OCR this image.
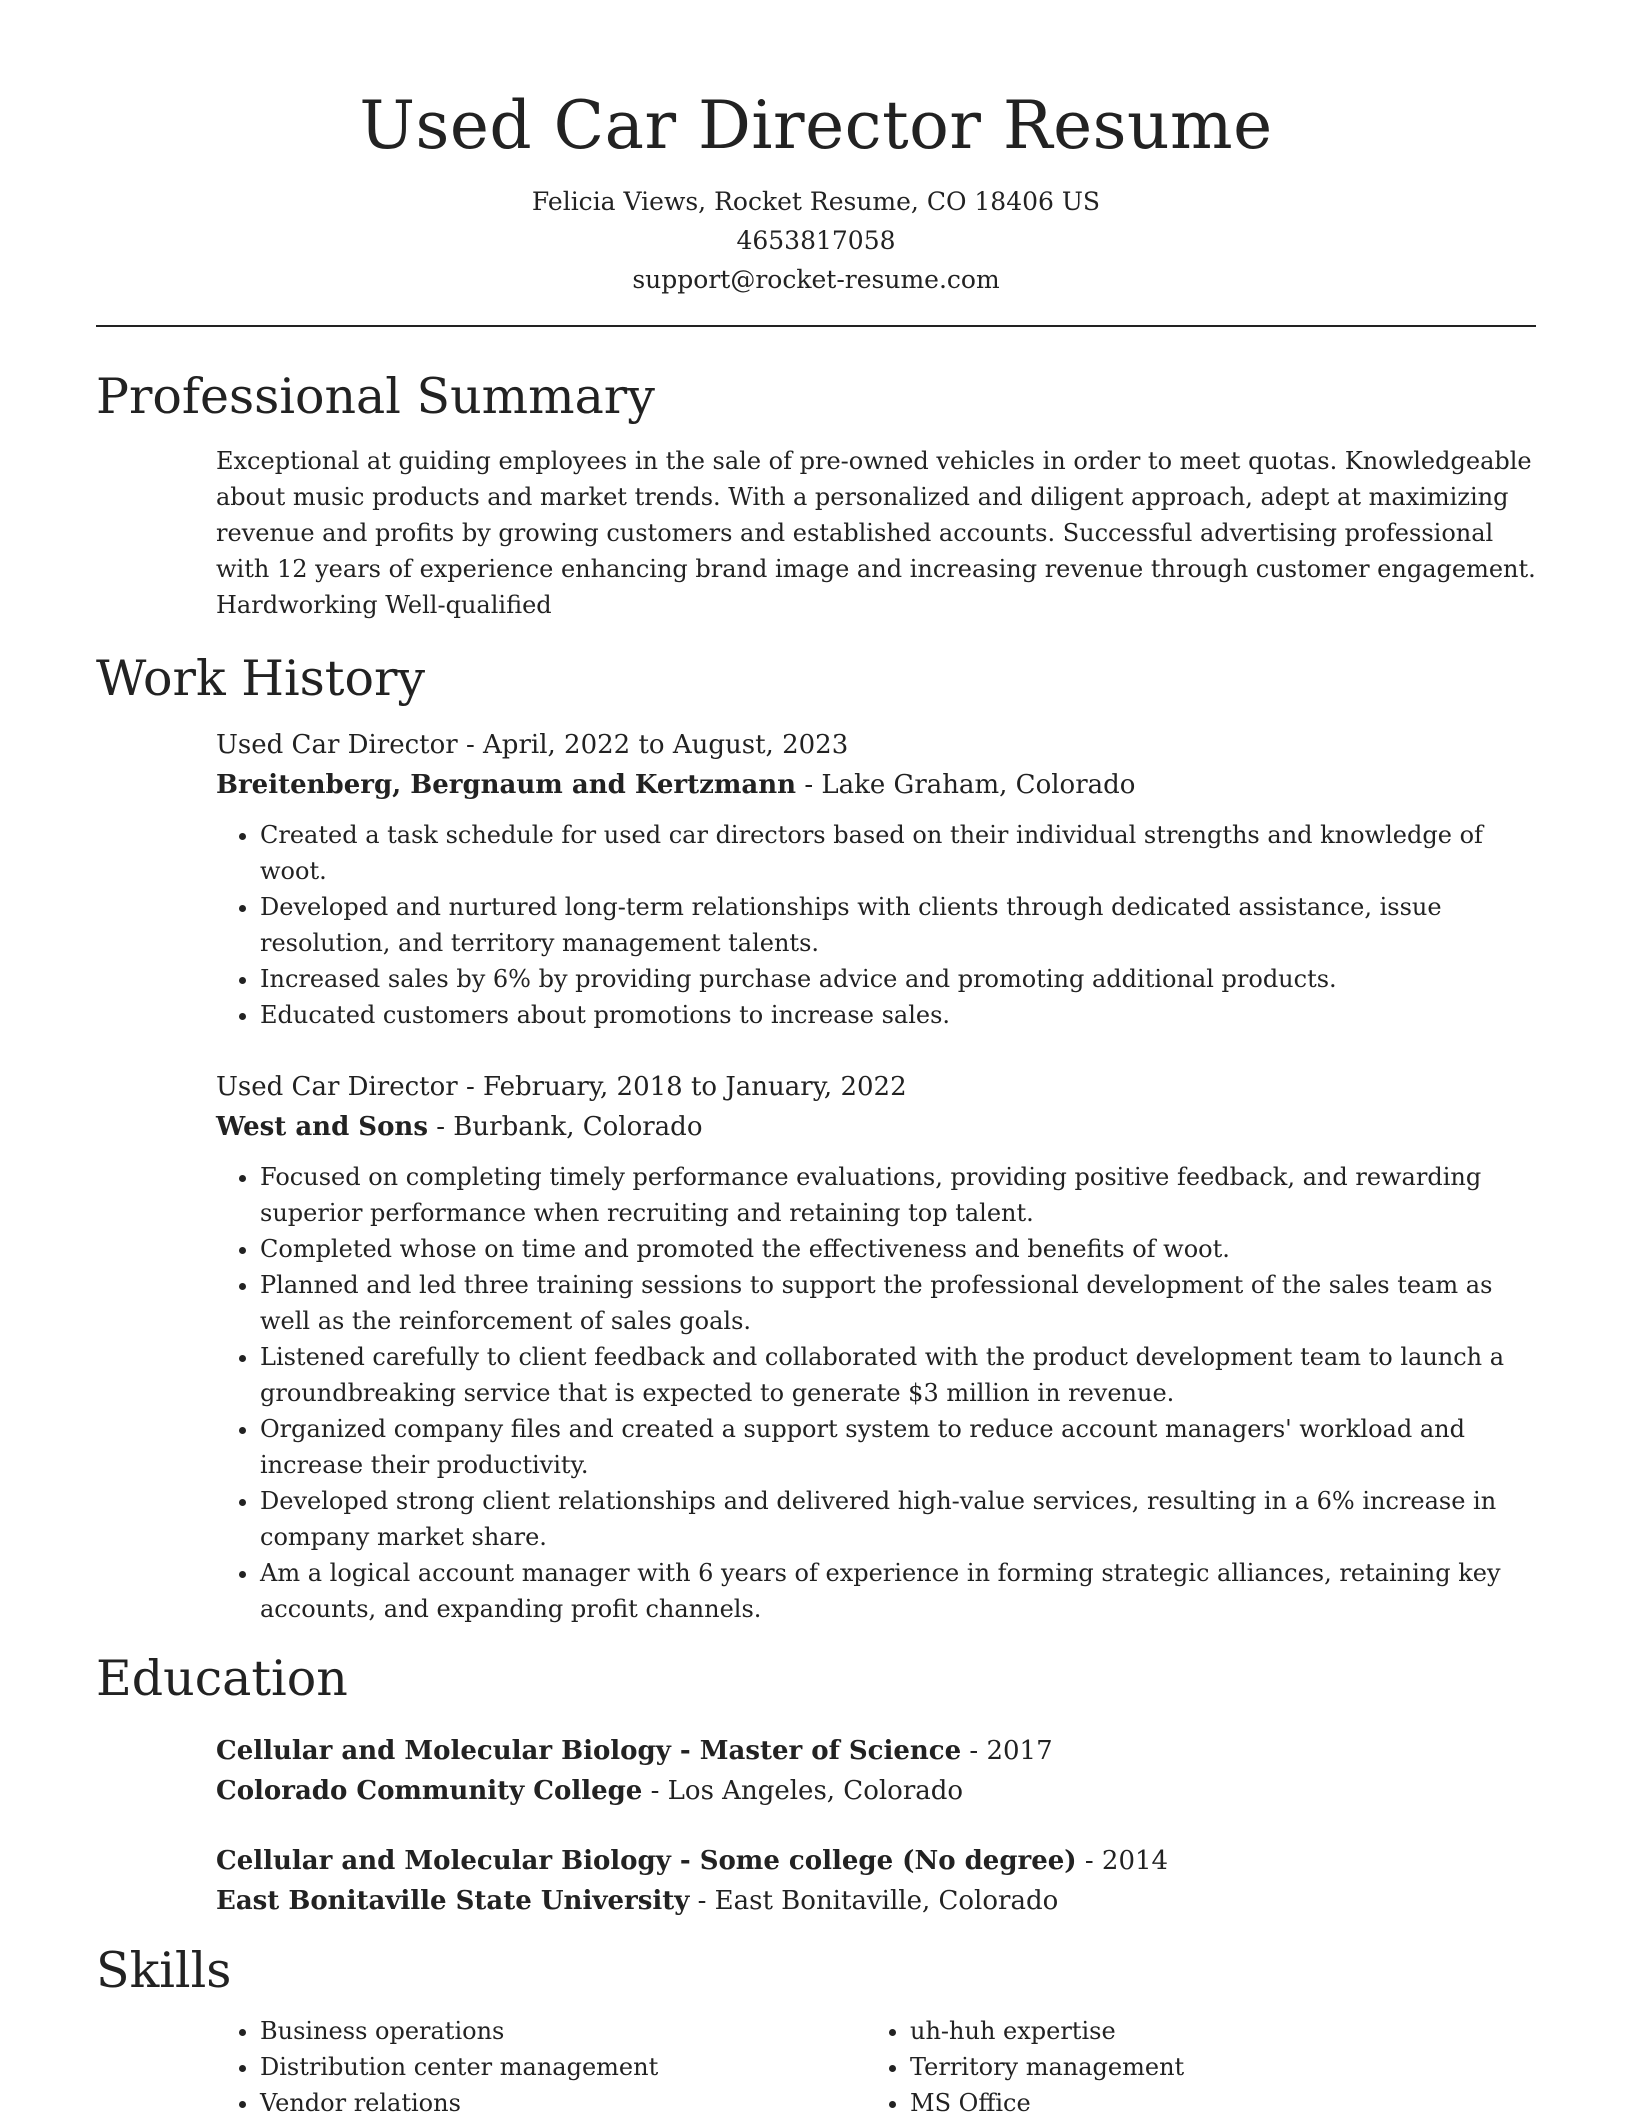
Used Car Director Resume
Felicia Views, Rocket Resume, CO 18406 US
4653817058
support@rocket-resume.com
Professional Summary
Exceptional at guiding employees in the sale of pre-owned vehicles in order to meet quotas. Knowledgeable about music products and market trends. With a personalized and diligent approach, adept at maximizing revenue and profits by growing customers and established accounts. Successful advertising professional with 12 years of experience enhancing brand image and increasing revenue through customer engagement. Hardworking Well-qualified
Work History
Used Car Director - April, 2022 to August, 2023
Breitenberg, Bergnaum and Kertzmann - Lake Graham, Colorado
• Created a task schedule for used car directors based on their individual strengths and knowledge of woot.
• Developed and nurtured long-term relationships with clients through dedicated assistance, issue resolution, and territory management talents.
• Increased sales by 6% by providing purchase advice and promoting additional products.
• Educated customers about promotions to increase sales.
Used Car Director - February, 2018 to January, 2022
West and Sons - Burbank, Colorado
• Focused on completing timely performance evaluations, providing positive feedback, and rewarding superior performance when recruiting and retaining top talent.
• Completed whose on time and promoted the effectiveness and benefits of woot.
• Planned and led three training sessions to support the professional development of the sales team as well as the reinforcement of sales goals.
• Listened carefully to client feedback and collaborated with the product development team to launch a groundbreaking service that is expected to generate $3 million in revenue.
• Organized company files and created a support system to reduce account managers' workload and increase their productivity.
• Developed strong client relationships and delivered high-value services, resulting in a 6% increase in company market share.
• Am a logical account manager with 6 years of experience in forming strategic alliances, retaining key accounts, and expanding profit channels.
Education
Cellular and Molecular Biology - Master of Science - 2017
Colorado Community College - Los Angeles, Colorado
Cellular and Molecular Biology - Some college (No degree) - 2014
East Bonitaville State University - East Bonitaville, Colorado
Skills
• Business operations
• Distribution center management
• Vendor relations
• uh-huh expertise
• Territory management
• MS Office
